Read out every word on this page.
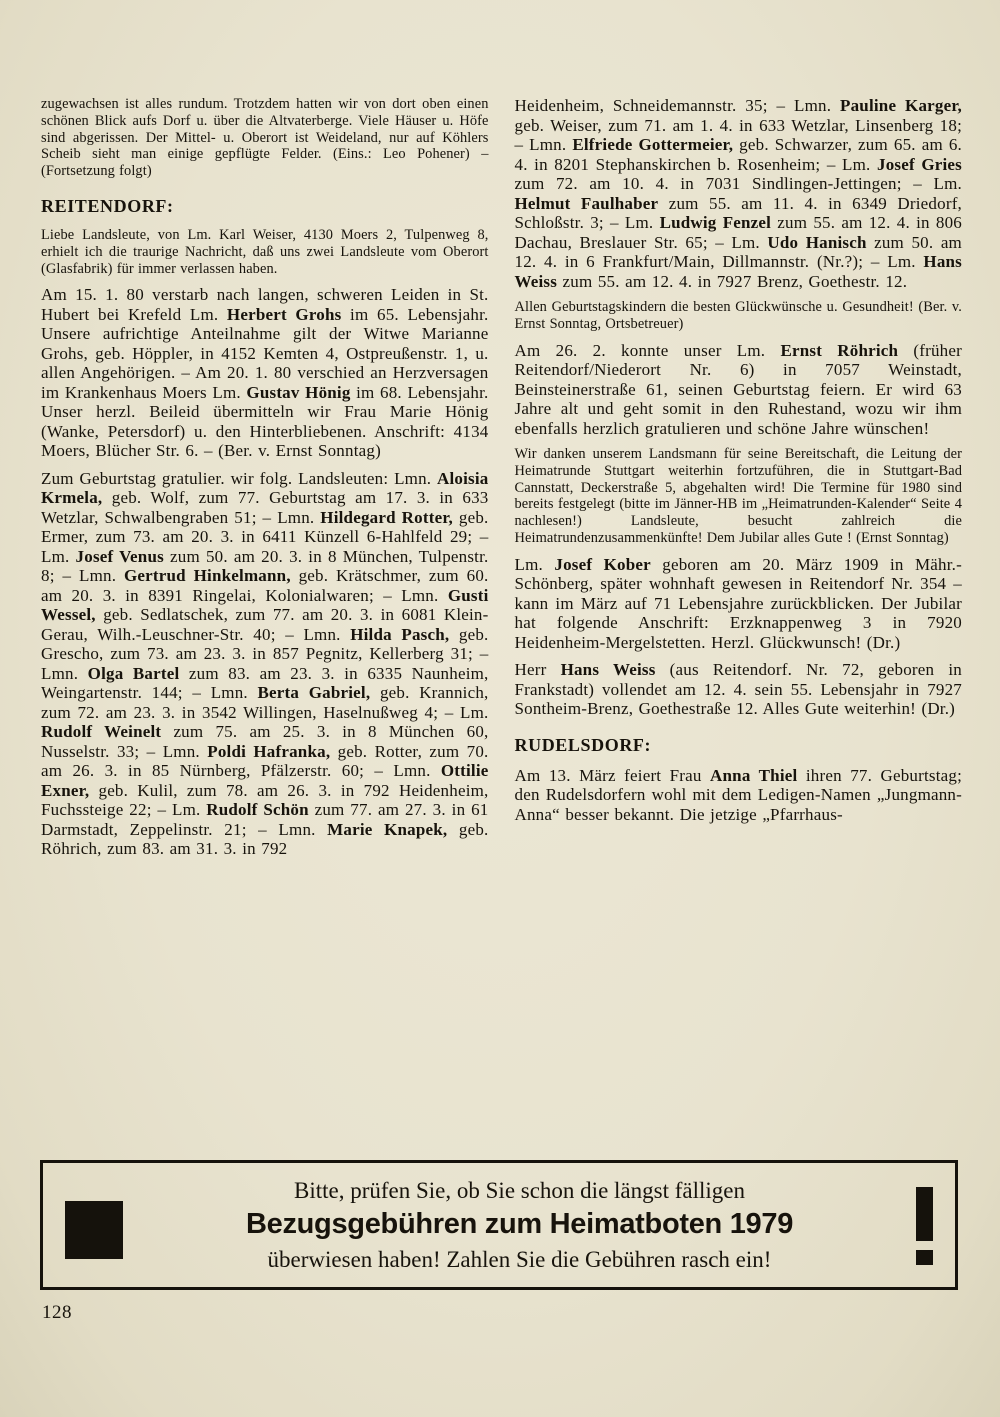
zugewachsen ist alles rundum. Trotzdem hatten wir von dort oben einen schönen Blick aufs Dorf u. über die Altvaterberge. Viele Häuser u. Höfe sind abgerissen. Der Mittel- u. Oberort ist Weideland, nur auf Köhlers Scheib sieht man einige gepflügte Felder. (Eins.: Leo Pohener) – (Fortsetzung folgt)

REITENDORF:

Liebe Landsleute, von Lm. Karl Weiser, 4130 Moers 2, Tulpenweg 8, erhielt ich die traurige Nachricht, daß uns zwei Landsleute vom Oberort (Glasfabrik) für immer verlassen haben.

Am 15. 1. 80 verstarb nach langen, schweren Leiden in St. Hubert bei Krefeld Lm. Herbert Grohs im 65. Lebensjahr. Unsere aufrichtige Anteilnahme gilt der Witwe Marianne Grohs, geb. Höppler, in 4152 Kemten 4, Ostpreußenstr. 1, u. allen Angehörigen. – Am 20. 1. 80 verschied an Herzversagen im Krankenhaus Moers Lm. Gustav Hönig im 68. Lebensjahr. Unser herzl. Beileid übermitteln wir Frau Marie Hönig (Wanke, Petersdorf) u. den Hinterbliebenen. Anschrift: 4134 Moers, Blücher Str. 6. – (Ber. v. Ernst Sonntag)

Zum Geburtstag gratulier. wir folg. Landsleuten: Lmn. Aloisia Krmela, geb. Wolf, zum 77. Geburtstag am 17. 3. in 633 Wetzlar, Schwalbengraben 51; – Lmn. Hildegard Rotter, geb. Ermer, zum 73. am 20. 3. in 6411 Künzell 6-Hahlfeld 29; – Lm. Josef Venus zum 50. am 20. 3. in 8 München, Tulpenstr. 8; – Lmn. Gertrud Hinkelmann, geb. Krätschmer, zum 60. am 20. 3. in 8391 Ringelai, Kolonialwaren; – Lmn. Gusti Wessel, geb. Sedlatschek, zum 77. am 20. 3. in 6081 Klein-Gerau, Wilh.-Leuschner-Str. 40; – Lmn. Hilda Pasch, geb. Grescho, zum 73. am 23. 3. in 857 Pegnitz, Kellerberg 31; – Lmn. Olga Bartel zum 83. am 23. 3. in 6335 Naunheim, Weingartenstr. 144; – Lmn. Berta Gabriel, geb. Krannich, zum 72. am 23. 3. in 3542 Willingen, Haselnußweg 4; – Lm. Rudolf Weinelt zum 75. am 25. 3. in 8 München 60, Nusselstr. 33; – Lmn. Poldi Hafranka, geb. Rotter, zum 70. am 26. 3. in 85 Nürnberg, Pfälzerstr. 60; – Lmn. Ottilie Exner, geb. Kulil, zum 78. am 26. 3. in 792 Heidenheim, Fuchssteige 22; – Lm. Rudolf Schön zum 77. am 27. 3. in 61 Darmstadt, Zeppelinstr. 21; – Lmn. Marie Knapek, geb. Röhrich, zum 83. am 31. 3. in 792

Heidenheim, Schneidemannstr. 35; – Lmn. Pauline Karger, geb. Weiser, zum 71. am 1. 4. in 633 Wetzlar, Linsenberg 18; – Lmn. Elfriede Gottermeier, geb. Schwarzer, zum 65. am 6. 4. in 8201 Stephanskirchen b. Rosenheim; – Lm. Josef Gries zum 72. am 10. 4. in 7031 Sindlingen-Jettingen; – Lm. Helmut Faulhaber zum 55. am 11. 4. in 6349 Driedorf, Schloßstr. 3; – Lm. Ludwig Fenzel zum 55. am 12. 4. in 806 Dachau, Breslauer Str. 65; – Lm. Udo Hanisch zum 50. am 12. 4. in 6 Frankfurt/Main, Dillmannstr. (Nr.?); – Lm. Hans Weiss zum 55. am 12. 4. in 7927 Brenz, Goethestr. 12.

Allen Geburtstagskindern die besten Glückwünsche u. Gesundheit! (Ber. v. Ernst Sonntag, Ortsbetreuer)

Am 26. 2. konnte unser Lm. Ernst Röhrich (früher Reitendorf/Niederort Nr. 6) in 7057 Weinstadt, Beinsteinerstraße 61, seinen Geburtstag feiern. Er wird 63 Jahre alt und geht somit in den Ruhestand, wozu wir ihm ebenfalls herzlich gratulieren und schöne Jahre wünschen!

Wir danken unserem Landsmann für seine Bereitschaft, die Leitung der Heimatrunde Stuttgart weiterhin fortzuführen, die in Stuttgart-Bad Cannstatt, Deckerstraße 5, abgehalten wird! Die Termine für 1980 sind bereits festgelegt (bitte im Jänner-HB im „Heimatrunden-Kalender“ Seite 4 nachlesen!) Landsleute, besucht zahlreich die Heimatrundenzusammenkünfte! Dem Jubilar alles Gute ! (Ernst Sonntag)

Lm. Josef Kober geboren am 20. März 1909 in Mähr.-Schönberg, später wohnhaft gewesen in Reitendorf Nr. 354 – kann im März auf 71 Lebensjahre zurückblicken. Der Jubilar hat folgende Anschrift: Erzknappenweg 3 in 7920 Heidenheim-Mergelstetten. Herzl. Glückwunsch! (Dr.)

Herr Hans Weiss (aus Reitendorf. Nr. 72, geboren in Frankstadt) vollendet am 12. 4. sein 55. Lebensjahr in 7927 Sontheim-Brenz, Goethestraße 12. Alles Gute weiterhin! (Dr.)

RUDELSDORF:

Am 13. März feiert Frau Anna Thiel ihren 77. Geburtstag; den Rudelsdorfern wohl mit dem Ledigen-Namen „Jungmann-Anna“ besser bekannt. Die jetzige „Pfarrhaus-

Bitte, prüfen Sie, ob Sie schon die längst fälligen
Bezugsgebühren zum Heimatboten 1979
überwiesen haben! Zahlen Sie die Gebühren rasch ein!
128
